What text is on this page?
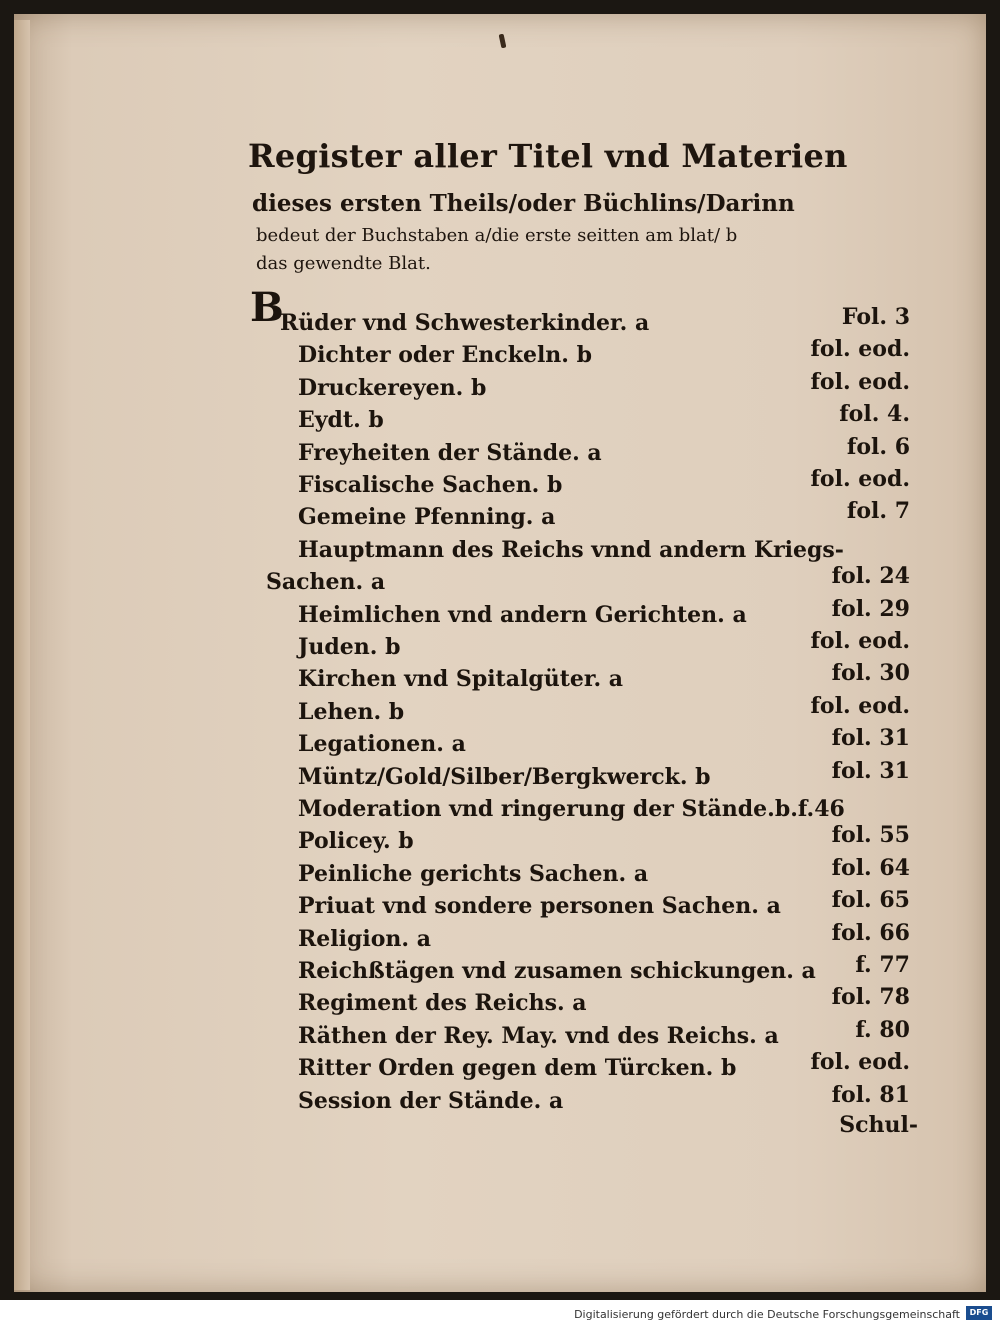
Register aller Titel vnd Materien
dieses ersten Theils/oder Büchlins/Darinn
bedeut der Buchstaben a/die erste seitten am blat/ b
das gewendte Blat.
B
Rüder vnd Schwesterkinder. a	Fol. 3
Dichter oder Enckeln. b	fol. eod.
Druckereyen. b	fol. eod.
Eydt. b	fol. 4.
Freyheiten der Stände. a	fol. 6
Fiscalische Sachen. b	fol. eod.
Gemeine Pfenning. a	fol. 7
Hauptmann des Reichs vnnd andern Kriegs-
Sachen. a	fol. 24
Heimlichen vnd andern Gerichten. a	fol. 29
Juden. b	fol. eod.
Kirchen vnd Spitalgüter. a	fol. 30
Lehen. b	fol. eod.
Legationen. a	fol. 31
Müntz/Gold/Silber/Bergkwerck. b	fol. 31
Moderation vnd ringerung der Stände.b.f.46
Policey. b	fol. 55
Peinliche gerichts Sachen. a	fol. 64
Priuat vnd sondere personen Sachen. a fol. 65
Religion. a	fol. 66
Reichßtägen vnd zusamen schickungen. a f. 77
Regiment des Reichs. a	fol. 78
Räthen der Rey. May. vnd des Reichs. a	f. 80
Ritter Orden gegen dem Türcken. b	fol. eod.
Session der Stände. a	fol. 81
Schul-
Digitalisierung gefördert durch die Deutsche Forschungsgemeinschaft	DFG
